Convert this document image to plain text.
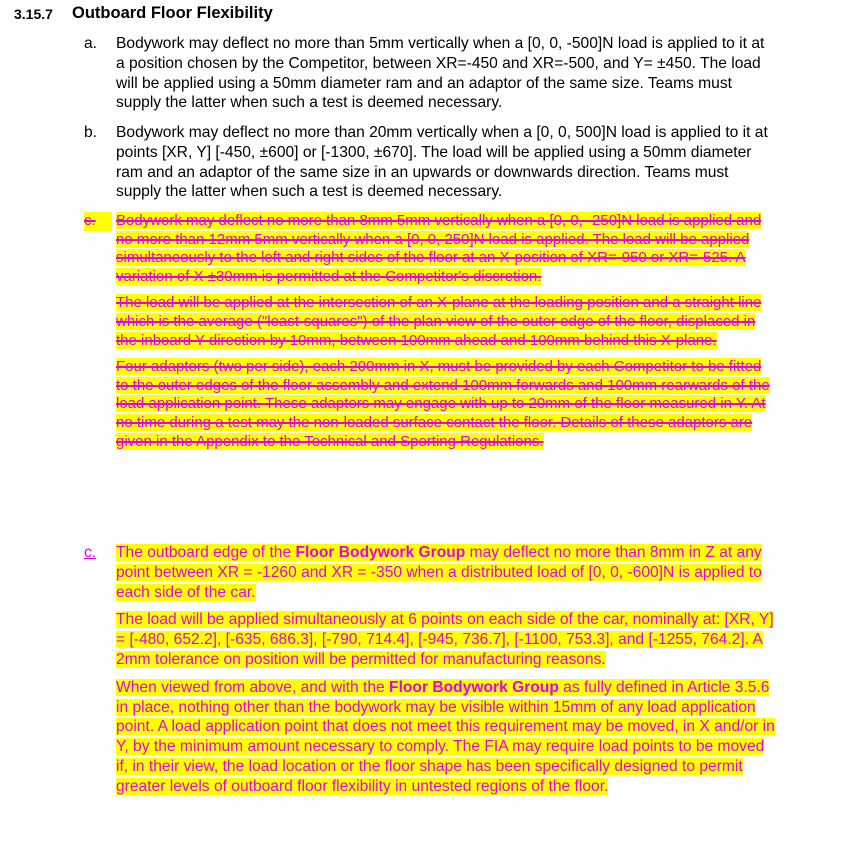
3.15.7 Outboard Floor Flexibility
a.	Bodywork may deflect no more than 5mm vertically when a [0, 0, -500]N load is applied to it at a position chosen by the Competitor, between XR=-450 and XR=-500, and Y= ±450. The load will be applied using a 50mm diameter ram and an adaptor of the same size. Teams must supply the latter when such a test is deemed necessary.
b.	Bodywork may deflect no more than 20mm vertically when a [0, 0, 500]N load is applied to it at points [XR, Y] [-450, ±600] or [-1300, ±670]. The load will be applied using a 50mm diameter ram and an adaptor of the same size in an upwards or downwards direction. Teams must supply the latter when such a test is deemed necessary.
c.	Bodywork may deflect no more than 8mm 5mm vertically when a [0, 0, -250]N load is applied and no more than 12mm 5mm vertically when a [0, 0, 250]N load is applied. The load will be applied simultaneously to the left and right sides of the floor at an X-position of XR=-950 or XR=-525. A variation of X ±30mm is permitted at the Competitor's discretion.

The load will be applied at the intersection of an X-plane at the loading position and a straight line which is the average ("least-squares") of the plan view of the outer edge of the floor, displaced in the inboard Y direction by 10mm, between 100mm ahead and 100mm behind this X-plane.

Four adaptors (two per side), each 200mm in X, must be provided by each Competitor to be fitted to the outer edges of the floor assembly and extend 100mm forwards and 100mm rearwards of the load application point. These adaptors may engage with up to 20mm of the floor measured in Y. At no time during a test may the non-loaded surface contact the floor. Details of these adaptors are given in the Appendix to the Technical and Sporting Regulations.

c.	The outboard edge of the Floor Bodywork Group may deflect no more than 8mm in Z at any point between XR = -1260 and XR = -350 when a distributed load of [0, 0, -600]N is applied to each side of the car.

The load will be applied simultaneously at 6 points on each side of the car, nominally at: [XR, Y] = [-480, 652.2], [-635, 686.3], [-790, 714.4], [-945, 736.7], [-1100, 753.3], and [-1255, 764.2]. A 2mm tolerance on position will be permitted for manufacturing reasons.

When viewed from above, and with the Floor Bodywork Group as fully defined in Article 3.5.6 in place, nothing other than the bodywork may be visible within 15mm of any load application point. A load application point that does not meet this requirement may be moved, in X and/or in Y, by the minimum amount necessary to comply. The FIA may require load points to be moved if, in their view, the load location or the floor shape has been specifically designed to permit greater levels of outboard floor flexibility in untested regions of the floor.
